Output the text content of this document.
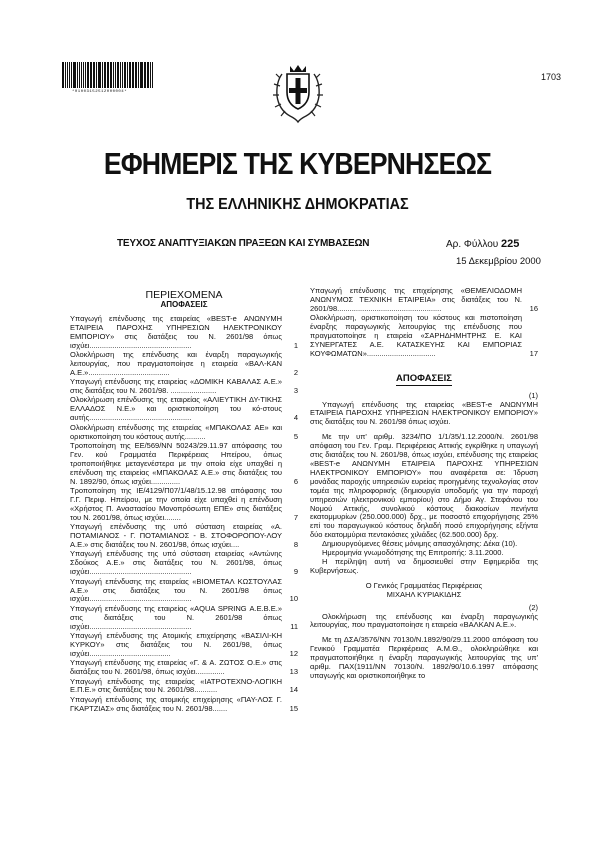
*01003152512000004*
1703
ΕΦΗΜΕΡΙΣ ΤΗΣ ΚΥΒΕΡΝΗΣΕΩΣ
ΤΗΣ ΕΛΛΗΝΙΚΗΣ ΔΗΜΟΚΡΑΤΙΑΣ
ΤΕΥΧΟΣ ΑΝΑΠΤΥΞΙΑΚΩΝ ΠΡΑΞΕΩΝ ΚΑΙ ΣΥΜΒΑΣΕΩΝ	Αρ. Φύλλου 225
15 Δεκεμβρίου 2000
ΠΕΡΙΕΧΟΜΕΝΑ
ΑΠΟΦΑΣΕΙΣ
Υπαγωγή επένδυσης της εταιρείας «BEST-e ΑΝΩΝΥΜΗ ΕΤΑΙΡΕΙΑ ΠΑΡΟΧΗΣ ΥΠΗΡΕΣΙΩΝ ΗΛΕΚΤΡΟΝΙΚΟΥ ΕΜΠΟΡΙΟΥ» στις διατάξεις του Ν. 2601/98 όπως ισχύει.................................................	1
Ολοκλήρωση της επένδυσης και έναρξη παραγωγικής λειτουργίας, που πραγματοποίησε η εταιρεία «ΒΑΛ-ΚΑΝ Α.Ε.».......................................	2
Υπαγωγή επένδυσης της εταιρείας «ΔΟΜΙΚΗ ΚΑΒΑΛΑΣ Α.Ε.» στις διατάξεις του Ν. 2601/98. ......................	3
Ολοκλήρωση επένδυσης της εταιρείας «ΑΛΙΕΥΤΙΚΗ ΔΥ-ΤΙΚΗΣ ΕΛΛΑΔΟΣ Ν.Ε.» και οριστικοποίηση του κό-στους αυτής.................................................	4
Ολοκλήρωση επένδυσης της εταιρείας «ΜΠΑΚΟΛΑΣ ΑΕ» και οριστικοποίηση του κόστους αυτής..........	5
Τροποποίηση της ΕΕ/569/ΝΝ 50243/29.11.97 απόφασης του Γεν. κού Γραμματέα Περιφέρειας Ηπείρου, όπως τροποποιήθηκε μεταγενέστερα με την οποία είχε υπαχθεί η επένδυση της εταιρείας «ΜΠΑΚΟΛΑΣ Α.Ε.» στις διατάξεις του Ν. 1892/90, όπως ισχύει..............	6
Τροποποίηση της ΙΕ/4129/Π07/1/48/15.12.98 απόφασης του Γ.Γ. Περιφ. Ηπείρου, με την οποία είχε υπαχθεί η επένδυση «Χρήστος Π. Αναστασίου Μονοπρόσωπη ΕΠΕ» στις διατάξεις του Ν. 2601/98, όπως ισχύει........	7
Υπαγωγή επένδυσης της υπό σύσταση εταιρείας «Α. ΠΟΤΑΜΙΑΝΟΣ - Γ. ΠΟΤΑΜΙΑΝΟΣ - Β. ΣΤΟΦΟΡΟΠΟΥ-ΛΟΥ Α.Ε.» στις διατάξεις του Ν. 2601/98, όπως ισχύει....	8
Υπαγωγή επένδυσης της υπό σύσταση εταιρείας «Αντώνης Σδούκος Α.Ε.» στις διατάξεις του Ν. 2601/98, όπως ισχύει.................................................	9
Υπαγωγή επένδυσης της εταιρείας «ΒΙΟΜΕΤΑΛ ΚΩΣΤΟΥΛΑΣ Α.Ε.» στις διατάξεις του Ν. 2601/98 όπως ισχύει.................................................	10
Υπαγωγή επένδυσης της εταιρείας «AQUA SPRING Α.Ε.Β.Ε.» στις διατάξεις του Ν. 2601/98 όπως ισχύει.................................................	11
Υπαγωγή επένδυσης της Ατομικής επιχείρησης «ΒΑΣΙΛΙ-ΚΗ ΚΥΡΚΟΥ» στις διατάξεις του Ν. 2601/98, όπως ισχύει.......................................	12
Υπαγωγή επένδυσης της εταιρείας «Γ. & Α. ΖΩΤΟΣ Ο.Ε.» στις διατάξεις του Ν. 2601/98, όπως ισχύει..............	13
Υπαγωγή επένδυσης της εταιρείας «ΙΑΤΡΟΤΕΧΝΟ-ΛΟΓΙΚΗ Ε.Π.Ε.» στις διατάξεις του Ν. 2601/98...........	14
Υπαγωγή επένδυσης της ατομικής επιχείρησης «ΠΑΥ-ΛΟΣ Γ. ΓΚΑΡΤΖΙΑΣ» στις διατάξεις του Ν. 2601/98.......	15
Υπαγωγή επένδυσης της επιχείρησης «ΘΕΜΕΛΙΟΔΟΜΗ ΑΝΩΝΥΜΟΣ ΤΕΧΝΙΚΗ ΕΤΑΙΡΕΙΑ» στις διατάξεις του Ν. 2601/98..................................................	16
Ολοκλήρωση, οριστικοποίηση του κόστους και πιστοποίηση έναρξης παραγωγικής λειτουργίας της επένδυσης που πραγματοποίησε η εταιρεία «ΣΑΡΗΔΗΜΗΤΡΗΣ Ε. ΚΑΙ ΣΥΝΕΡΓΑΤΕΣ Α.Ε. ΚΑΤΑΣΚΕΥΗΣ ΚΑΙ ΕΜΠΟΡΙΑΣ ΚΟΥΦΩΜΑΤΩΝ».................................	17
ΑΠΟΦΑΣΕΙΣ
(1)
Υπαγωγή επένδυσης της εταιρείας «BEST-e ΑΝΩΝΥΜΗ ΕΤΑΙΡΕΙΑ ΠΑΡΟΧΗΣ ΥΠΗΡΕΣΙΩΝ ΗΛΕΚΤΡΟΝΙΚΟΥ ΕΜΠΟΡΙΟΥ» στις διατάξεις του Ν. 2601/98 όπως ισχύει.
Με την υπ' αριθμ. 3234/ΠΟ 1/1/35/1.12.2000/Ν. 2601/98 απόφαση του Γεν. Γραμ. Περιφέρειας Αττικής εγκρίθηκε η υπαγωγή στις διατάξεις του Ν. 2601/98, όπως ισχύει, επένδυσης της εταιρείας «BEST-e ΑΝΩΝΥΜΗ ΕΤΑΙΡΕΙΑ ΠΑΡΟΧΗΣ ΥΠΗΡΕΣΙΩΝ ΗΛΕΚΤΡΟΝΙΚΟΥ ΕΜΠΟΡΙΟΥ» που αναφέρεται σε: Ίδρυση μονάδας παροχής υπηρεσιών ευρείας προηγμένης τεχνολογίας στον τομέα της πληροφορικής (δημιουργία υποδομής για την παροχή υπηρεσιών ηλεκτρονικού εμπορίου) στο Δήμο Αγ. Στεφάνου του Νομού Αττικής, συνολικού κόστους διακοσίων πενήντα εκατομμυρίων (250.000.000) δρχ., με ποσοστό επιχορήγησης 25% επί του παραγωγικού κόστους δηλαδή ποσό επιχορήγησης εξήντα δύο εκατομμύρια πεντακόσιες χιλιάδες (62.500.000) δρχ.
Δημιουργούμενες θέσεις μόνιμης απασχόλησης: Δέκα (10).
Ημερομηνία γνωμοδότησης της Επιτροπής: 3.11.2000.
Η περίληψη αυτή να δημοσιευθεί στην Εφημερίδα της Κυβερνήσεως.
Ο Γενικός Γραμματέας Περιφέρειας
ΜΙΧΑΗΛ ΚΥΡΙΑΚΙΔΗΣ
(2)
Ολοκλήρωση της επένδυσης και έναρξη παραγωγικής λειτουργίας, που πραγματοποίησε η εταιρεία «ΒΑΛΚΑΝ Α.Ε.».
Με τη ΔΣΑ/3576/ΝΝ 70130/Ν.1892/90/29.11.2000 απόφαση του Γενικού Γραμματέα Περιφέρειας Α.Μ.Θ., ολοκληρώθηκε και πραγματοποιήθηκε η έναρξη παραγωγικής λειτουργίας της υπ' αριθμ. ΠΑΧ(1911/ΝΝ 70130/Ν. 1892/90/10.6.1997 απόφασης υπαγωγής και οριστικοποιήθηκε το
